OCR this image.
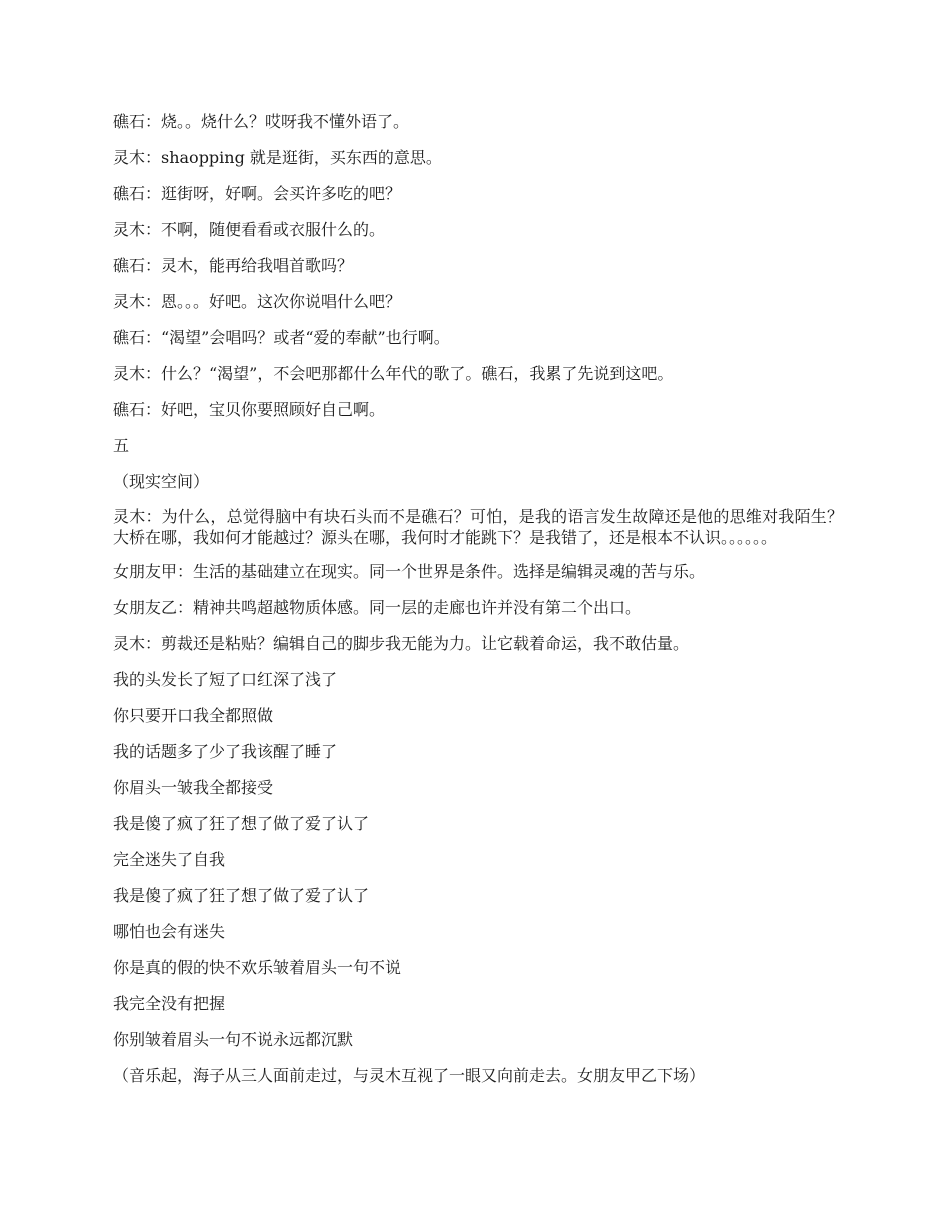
礁石：烧。。烧什么？哎呀我不懂外语了。
灵木：shaopping 就是逛街，买东西的意思。
礁石：逛街呀，好啊。会买许多吃的吧？
灵木：不啊，随便看看或衣服什么的。
礁石：灵木，能再给我唱首歌吗？
灵木：恩。。。好吧。这次你说唱什么吧？
礁石：“渴望”会唱吗？或者“爱的奉献”也行啊。
灵木：什么？“渴望”，不会吧那都什么年代的歌了。礁石，我累了先说到这吧。
礁石：好吧，宝贝你要照顾好自己啊。
五
（现实空间）
灵木：为什么，总觉得脑中有块石头而不是礁石？可怕，是我的语言发生故障还是他的思维对我陌生？大桥在哪，我如何才能越过？源头在哪，我何时才能跳下？是我错了，还是根本不认识。。。。。。
女朋友甲：生活的基础建立在现实。同一个世界是条件。选择是编辑灵魂的苦与乐。
女朋友乙：精神共鸣超越物质体感。同一层的走廊也许并没有第二个出口。
灵木：剪裁还是粘贴？编辑自己的脚步我无能为力。让它载着命运，我不敢估量。
我的头发长了短了口红深了浅了
你只要开口我全都照做
我的话题多了少了我该醒了睡了
你眉头一皱我全都接受
我是傻了疯了狂了想了做了爱了认了
完全迷失了自我
我是傻了疯了狂了想了做了爱了认了
哪怕也会有迷失
你是真的假的快不欢乐皱着眉头一句不说
我完全没有把握
你别皱着眉头一句不说永远都沉默
（音乐起，海子从三人面前走过，与灵木互视了一眼又向前走去。女朋友甲乙下场）
